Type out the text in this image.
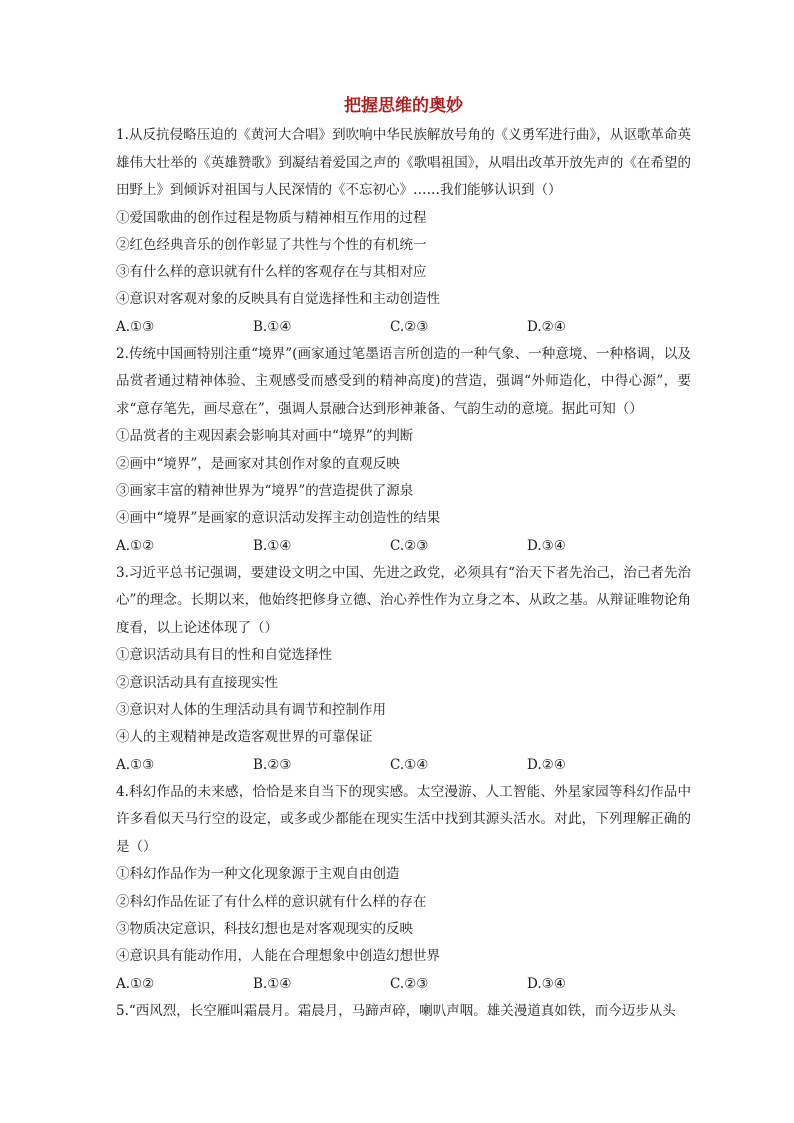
把握思维的奥妙

1.从反抗侵略压迫的《黄河大合唱》到吹响中华民族解放号角的《义勇军进行曲》，从讴歌革命英雄伟大壮举的《英雄赞歌》到凝结着爱国之声的《歌唱祖国》，从唱出改革开放先声的《在希望的田野上》到倾诉对祖国与人民深情的《不忘初心》……我们能够认识到（）

①爱国歌曲的创作过程是物质与精神相互作用的过程

②红色经典音乐的创作彰显了共性与个性的有机统一

③有什么样的意识就有什么样的客观存在与其相对应

④意识对客观对象的反映具有自觉选择性和主动创造性

A.①③	B.①④	C.②③	D.②④

2.传统中国画特别注重“境界”(画家通过笔墨语言所创造的一种气象、一种意境、一种格调，以及品赏者通过精神体验、主观感受而感受到的精神高度)的营造，强调“外师造化，中得心源”，要求“意存笔先，画尽意在”，强调人景融合达到形神兼备、气韵生动的意境。据此可知（）

①品赏者的主观因素会影响其对画中“境界”的判断

②画中“境界”，是画家对其创作对象的直观反映

③画家丰富的精神世界为“境界”的营造提供了源泉

④画中“境界”是画家的意识活动发挥主动创造性的结果

A.①②	B.①④	C.②③	D.③④

3.习近平总书记强调，要建设文明之中国、先进之政党，必须具有“治天下者先治己，治己者先治心”的理念。长期以来，他始终把修身立德、治心养性作为立身之本、从政之基。从辩证唯物论角度看，以上论述体现了（）

①意识活动具有目的性和自觉选择性

②意识活动具有直接现实性

③意识对人体的生理活动具有调节和控制作用

④人的主观精神是改造客观世界的可靠保证

A.①③	B.②③	C.①④	D.②④

4.科幻作品的未来感，恰恰是来自当下的现实感。太空漫游、人工智能、外星家园等科幻作品中许多看似天马行空的设定，或多或少都能在现实生活中找到其源头活水。对此，下列理解正确的是（）

①科幻作品作为一种文化现象源于主观自由创造

②科幻作品佐证了有什么样的意识就有什么样的存在

③物质决定意识，科技幻想也是对客观现实的反映

④意识具有能动作用，人能在合理想象中创造幻想世界

A.①②	B.①④	C.②③	D.③④

5.“西风烈，长空雁叫霜晨月。霜晨月，马蹄声碎，喇叭声咽。雄关漫道真如铁，而今迈步从头
